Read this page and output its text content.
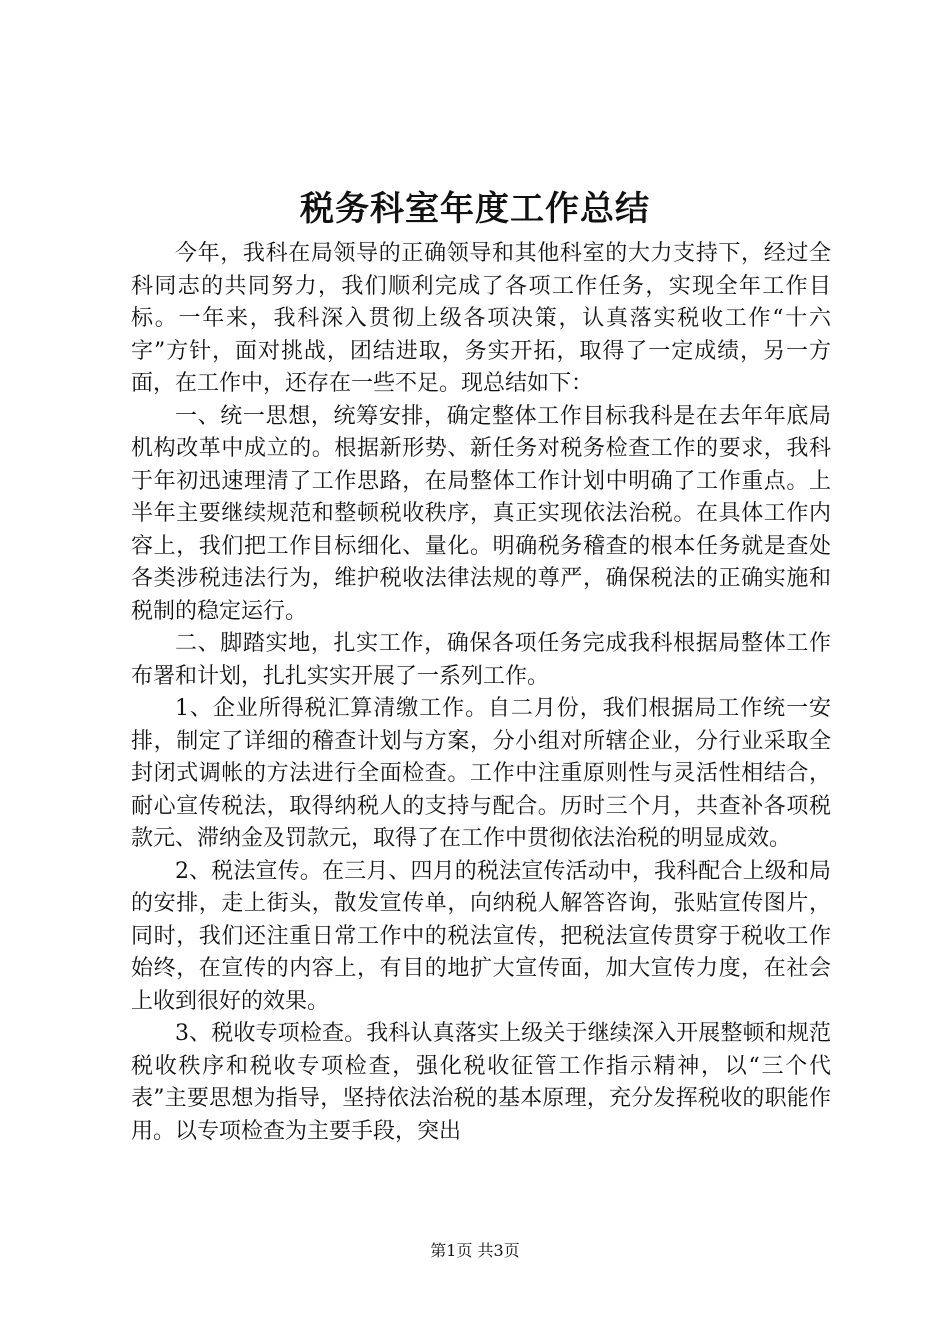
税务科室年度工作总结

今年，我科在局领导的正确领导和其他科室的大力支持下，经过全科同志的共同努力，我们顺利完成了各项工作任务，实现全年工作目标。一年来，我科深入贯彻上级各项决策，认真落实税收工作“十六字”方针，面对挑战，团结进取，务实开拓，取得了一定成绩，另一方面，在工作中，还存在一些不足。现总结如下：

一、统一思想，统筹安排，确定整体工作目标我科是在去年年底局机构改革中成立的。根据新形势、新任务对税务检查工作的要求，我科于年初迅速理清了工作思路，在局整体工作计划中明确了工作重点。上半年主要继续规范和整顿税收秩序，真正实现依法治税。在具体工作内容上，我们把工作目标细化、量化。明确税务稽查的根本任务就是查处各类涉税违法行为，维护税收法律法规的尊严，确保税法的正确实施和税制的稳定运行。

二、脚踏实地，扎实工作，确保各项任务完成我科根据局整体工作布署和计划，扎扎实实开展了一系列工作。

1、企业所得税汇算清缴工作。自二月份，我们根据局工作统一安排，制定了详细的稽查计划与方案，分小组对所辖企业，分行业采取全封闭式调帐的方法进行全面检查。工作中注重原则性与灵活性相结合，耐心宣传税法，取得纳税人的支持与配合。历时三个月，共查补各项税款元、滞纳金及罚款元，取得了在工作中贯彻依法治税的明显成效。

2、税法宣传。在三月、四月的税法宣传活动中，我科配合上级和局的安排，走上街头，散发宣传单，向纳税人解答咨询，张贴宣传图片，同时，我们还注重日常工作中的税法宣传，把税法宣传贯穿于税收工作始终，在宣传的内容上，有目的地扩大宣传面，加大宣传力度，在社会上收到很好的效果。

3、税收专项检查。我科认真落实上级关于继续深入开展整顿和规范税收秩序和税收专项检查，强化税收征管工作指示精神，以“三个代表”主要思想为指导，坚持依法治税的基本原理，充分发挥税收的职能作用。以专项检查为主要手段，突出

第1页 共3页
